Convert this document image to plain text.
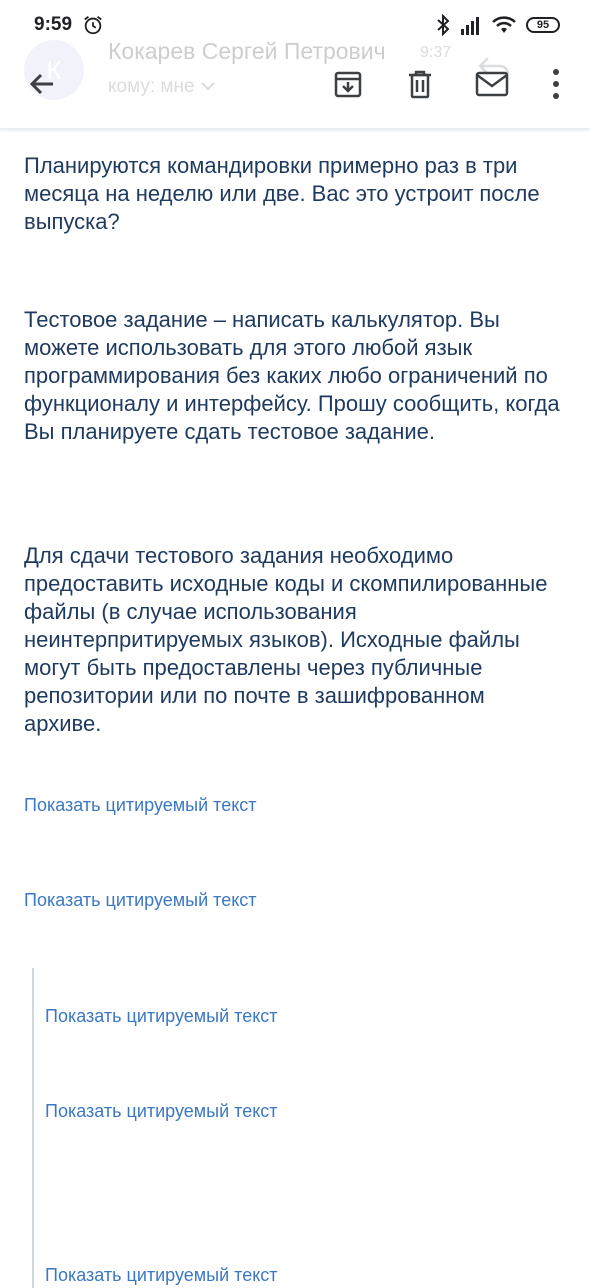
9:59	95
К
Кокарев Сергей Петрович 9:37
кому: мне
Планируются командировки примерно раз в три месяца на неделю или две. Вас это устроит после выпуска?
Тестовое задание – написать калькулятор. Вы можете использовать для этого любой язык программирования без каких любо ограничений по функционалу и интерфейсу. Прошу сообщить, когда Вы планируете сдать тестовое задание.
Для сдачи тестового задания необходимо предоставить исходные коды и скомпилированные файлы (в случае использования неинтерпритируемых языков). Исходные файлы могут быть предоставлены через публичные репозитории или по почте в зашифрованном архиве.
Показать цитируемый текст
Показать цитируемый текст
Показать цитируемый текст
Показать цитируемый текст
Показать цитируемый текст
